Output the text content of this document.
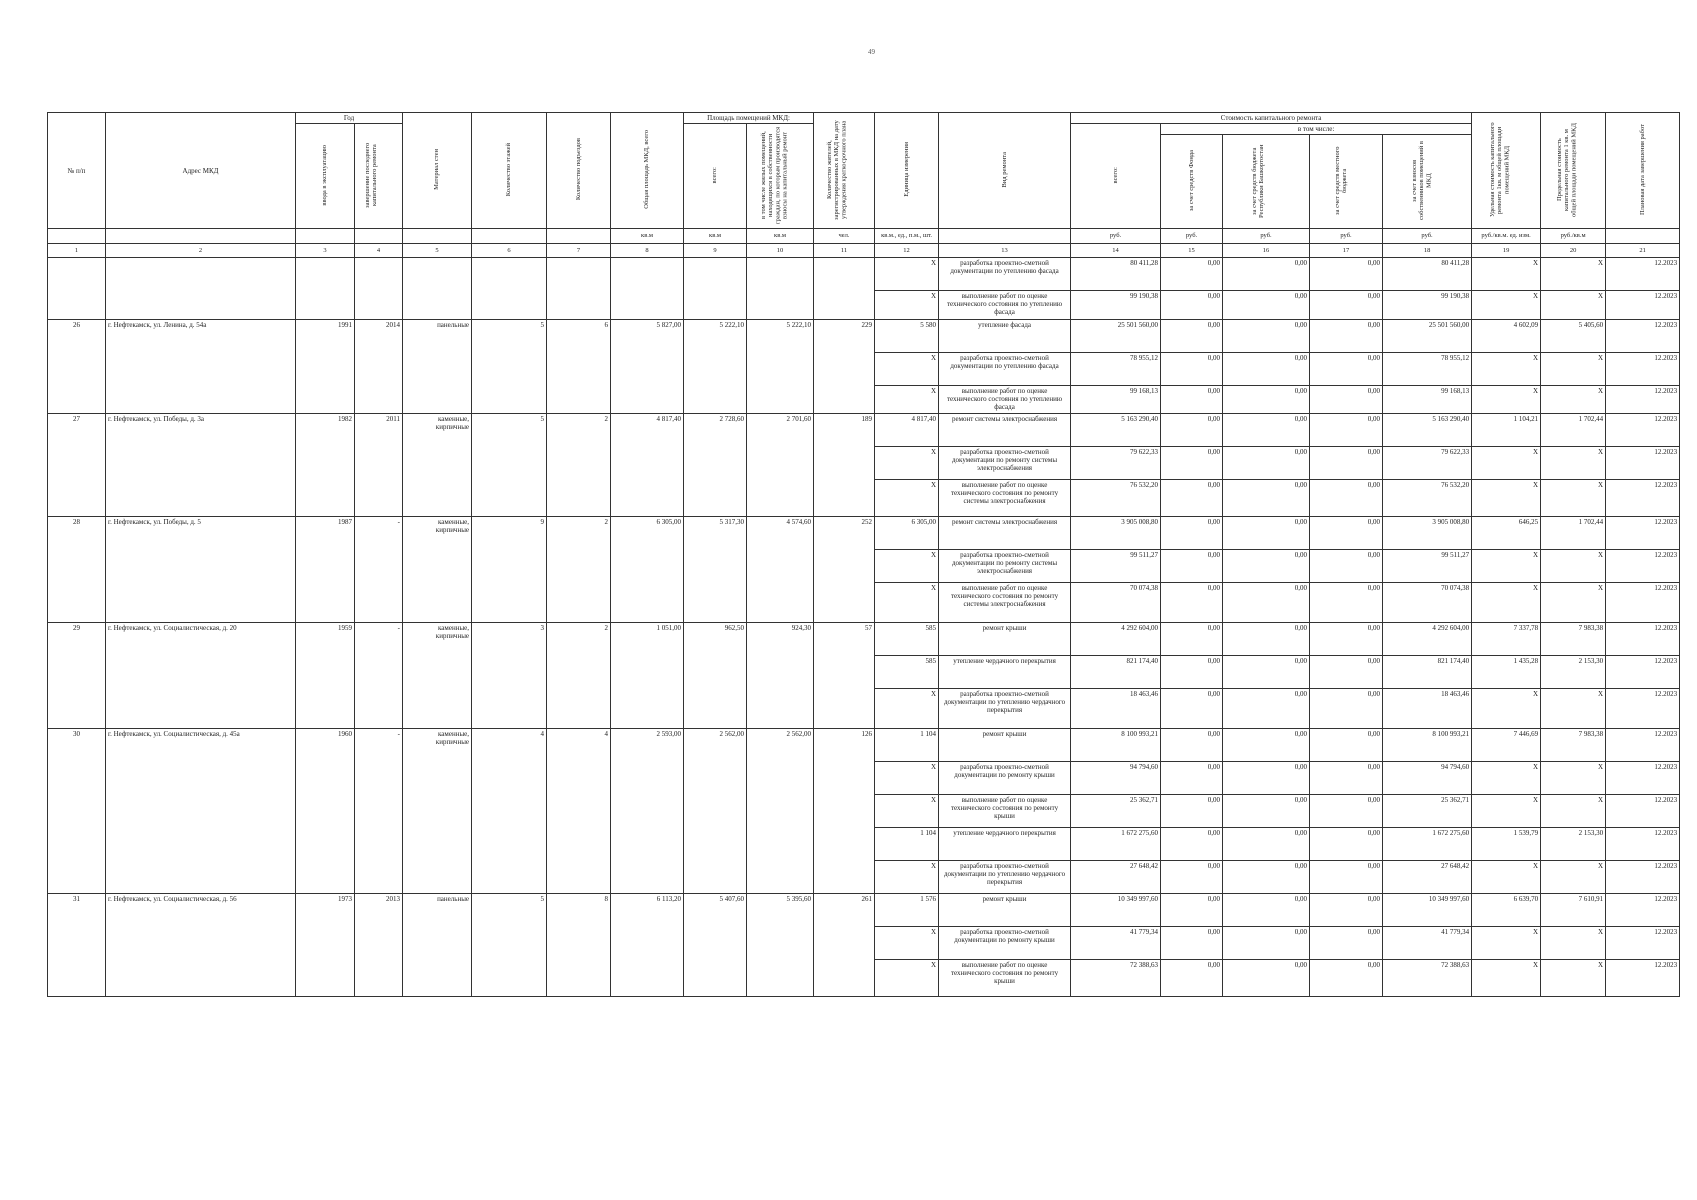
49
№ п/п	Адрес МКД	Год		Материал стен	Количество этажей	Количество подъездов	Общая площадь МКД, всего	Площадь помещений МКД:		Количество жителей, зарегистрированных в МКД на дату утверждения краткосрочного плана	Единица измерения	Вид ремонта	Стоимость капитального ремонта					Удельная стоимость капитального ремонта 1кв. м общей площади помещений МКД	Предельная стоимость капитального ремонта 1 кв. м общей площади помещений МКД	Плановая дата завершения работ
		ввода в эксплуатацию	завершение последнего капитального ремонта					всего:	в том числе жилых помещений, находящихся в собственности граждан, по которым производятся взносы на капитальный ремонт				всего:	в том числе:						
														за счет средств Фонда	за счет средств бюджета Республики Башкортостан	за счет средств местного бюджета	за счет взносов собственников помещений в МКД			
							кв.м	кв.м	кв.м	чел.	кв.м., ед., п.м., шт.		руб.	руб.	руб.	руб.	руб.	руб./кв.м. ед. изм.	руб./кв.м	
1	2	3	4	5	6	7	8	9	10	11	12	13	14	15	16	17	18	19	20	21
											X	разработка проектно-сметной документации по утеплению фасада	80 411,28	0,00	0,00	0,00	80 411,28	X	X	12.2023
											X	выполнение работ по оценке технического состояния по утеплению фасада	99 190,38	0,00	0,00	0,00	99 190,38	X	X	12.2023
26	г. Нефтекамск, ул. Ленина, д. 54а	1991	2014	панельные	5	6	5 827,00	5 222,10	5 222,10	229	5 580	утепление фасада	25 501 560,00	0,00	0,00	0,00	25 501 560,00	4 602,09	5 405,60	12.2023
											X	разработка проектно-сметной документации по утеплению фасада	78 955,12	0,00	0,00	0,00	78 955,12	X	X	12.2023
											X	выполнение работ по оценке технического состояния по утеплению фасада	99 168,13	0,00	0,00	0,00	99 168,13	X	X	12.2023
27	г. Нефтекамск, ул. Победы, д. 3а	1982	2011	каменные, кирпичные	5	2	4 817,40	2 728,60	2 701,60	189	4 817,40	ремонт системы электроснабжения	5 163 290,40	0,00	0,00	0,00	5 163 290,40	1 104,21	1 702,44	12.2023
											X	разработка проектно-сметной документации по ремонту системы электроснабжения	79 622,33	0,00	0,00	0,00	79 622,33	X	X	12.2023
											X	выполнение работ по оценке технического состояния по ремонту системы электроснабжения	76 532,20	0,00	0,00	0,00	76 532,20	X	X	12.2023
28	г. Нефтекамск, ул. Победы, д. 5	1987	-	каменные, кирпичные	9	2	6 305,00	5 317,30	4 574,60	252	6 305,00	ремонт системы электроснабжения	3 905 008,80	0,00	0,00	0,00	3 905 008,80	646,25	1 702,44	12.2023
											X	разработка проектно-сметной документации по ремонту системы электроснабжения	99 511,27	0,00	0,00	0,00	99 511,27	X	X	12.2023
											X	выполнение работ по оценке технического состояния по ремонту системы электроснабжения	70 074,38	0,00	0,00	0,00	70 074,38	X	X	12.2023
29	г. Нефтекамск, ул. Социалистическая, д. 20	1959	-	каменные, кирпичные	3	2	1 051,00	962,50	924,30	57	585	ремонт крыши	4 292 604,00	0,00	0,00	0,00	4 292 604,00	7 337,78	7 983,38	12.2023
											585	утепление чердачного перекрытия	821 174,40	0,00	0,00	0,00	821 174,40	1 435,28	2 153,30	12.2023
											X	разработка проектно-сметной документации по утеплению чердачного перекрытия	18 463,46	0,00	0,00	0,00	18 463,46	X	X	12.2023
30	г. Нефтекамск, ул. Социалистическая, д. 45а	1960	-	каменные, кирпичные	4	4	2 593,00	2 562,00	2 562,00	126	1 104	ремонт крыши	8 100 993,21	0,00	0,00	0,00	8 100 993,21	7 446,69	7 983,38	12.2023
											X	разработка проектно-сметной документации по ремонту крыши	94 794,60	0,00	0,00	0,00	94 794,60	X	X	12.2023
											X	выполнение работ по оценке технического состояния по ремонту крыши	25 362,71	0,00	0,00	0,00	25 362,71	X	X	12.2023
											1 104	утепление чердачного перекрытия	1 672 275,60	0,00	0,00	0,00	1 672 275,60	1 539,79	2 153,30	12.2023
											X	разработка проектно-сметной документации по утеплению чердачного перекрытия	27 648,42	0,00	0,00	0,00	27 648,42	X	X	12.2023
31	г. Нефтекамск, ул. Социалистическая, д. 56	1973	2013	панельные	5	8	6 113,20	5 407,60	5 395,60	261	1 576	ремонт крыши	10 349 997,60	0,00	0,00	0,00	10 349 997,60	6 639,70	7 610,91	12.2023
											X	разработка проектно-сметной документации по ремонту крыши	41 779,34	0,00	0,00	0,00	41 779,34	X	X	12.2023
											X	выполнение работ по оценке технического состояния по ремонту крыши	72 388,63	0,00	0,00	0,00	72 388,63	X	X	12.2023
